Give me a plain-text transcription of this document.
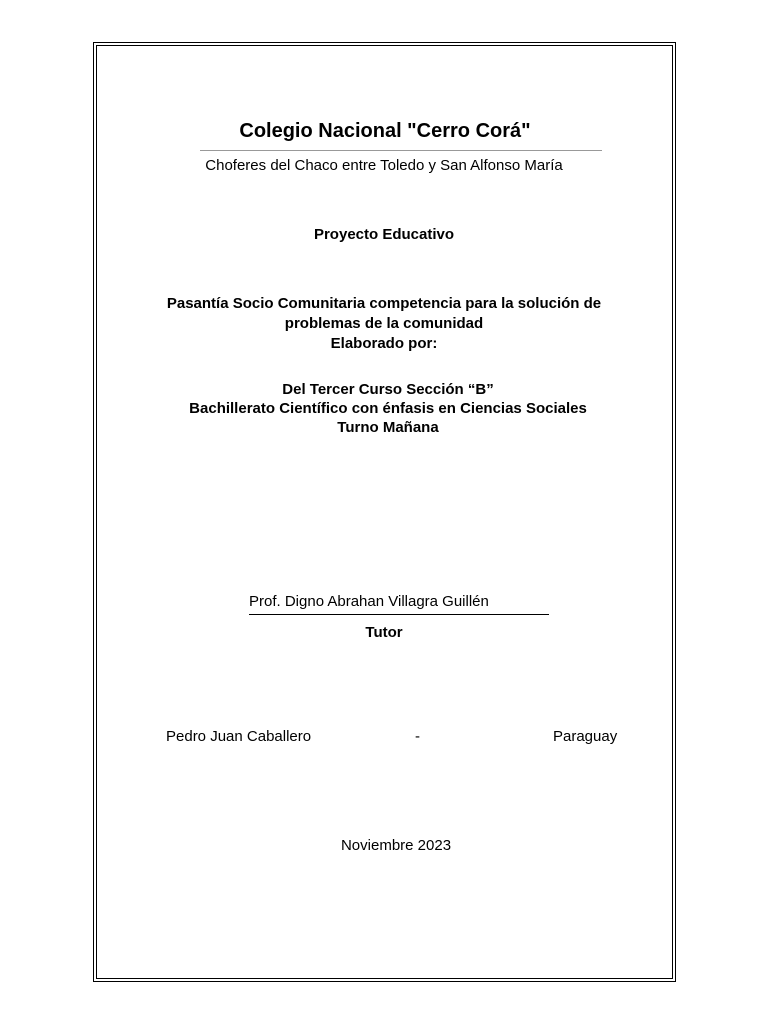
Colegio Nacional "Cerro Corá"
Choferes del Chaco entre Toledo y San Alfonso María
Proyecto Educativo
Pasantía Socio Comunitaria competencia para la solución de
problemas de la comunidad
Elaborado por:
Del Tercer Curso Sección “B”
Bachillerato Científico con énfasis en Ciencias Sociales
Turno Mañana
Prof. Digno Abrahan Villagra Guillén
Tutor
Pedro Juan Caballero	-	Paraguay
Noviembre 2023
